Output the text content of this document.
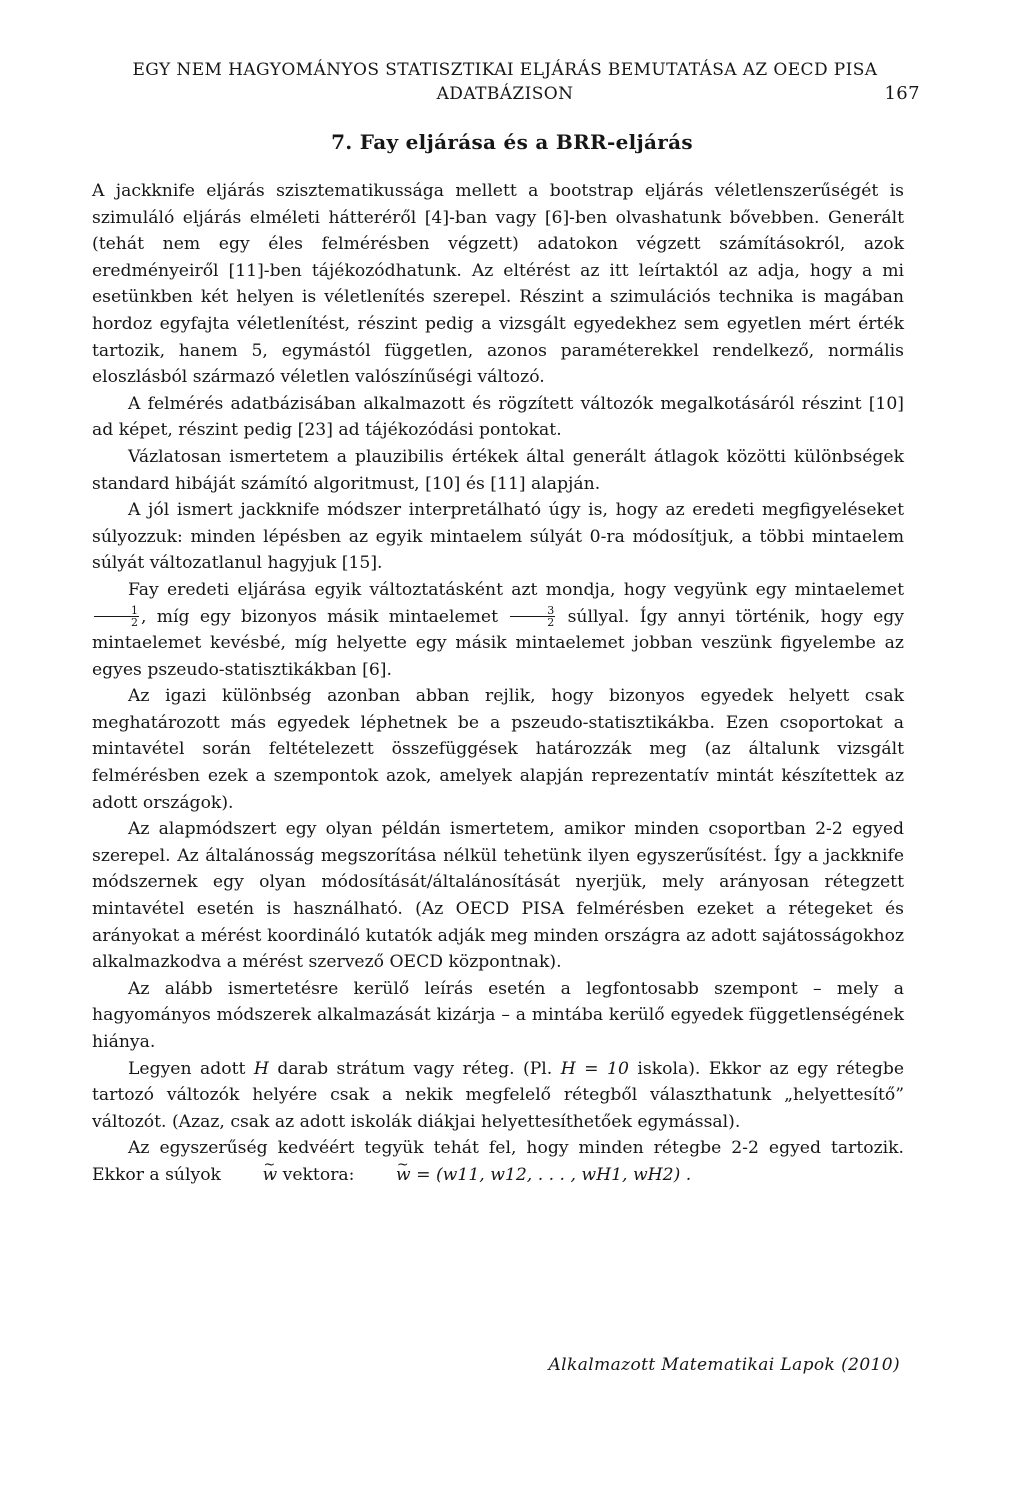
EGY NEM HAGYOMÁNYOS STATISZTIKAI ELJÁRÁS BEMUTATÁSA AZ OECD PISA
ADATBÁZISON	167
7. Fay eljárása és a BRR-eljárás

A jackknife eljárás szisztematikussága mellett a bootstrap eljárás véletlenszerűségét is szimuláló eljárás elméleti hátteréről [4]-ban vagy [6]-ben olvashatunk bővebben. Generált (tehát nem egy éles felmérésben végzett) adatokon végzett számításokról, azok eredményeiről [11]-ben tájékozódhatunk. Az eltérést az itt leírtaktól az adja, hogy a mi esetünkben két helyen is véletlenítés szerepel. Részint a szimulációs technika is magában hordoz egyfajta véletlenítést, részint pedig a vizsgált egyedekhez sem egyetlen mért érték tartozik, hanem 5, egymástól független, azonos paraméterekkel rendelkező, normális eloszlásból származó véletlen valószínűségi változó.

A felmérés adatbázisában alkalmazott és rögzített változók megalkotásáról részint [10] ad képet, részint pedig [23] ad tájékozódási pontokat.

Vázlatosan ismertetem a plauzibilis értékek által generált átlagok közötti különbségek standard hibáját számító algoritmust, [10] és [11] alapján.

A jól ismert jackknife módszer interpretálható úgy is, hogy az eredeti megfigyeléseket súlyozzuk: minden lépésben az egyik mintaelem súlyát 0-ra módosítjuk, a többi mintaelem súlyát változatlanul hagyjuk [15].

Fay eredeti eljárása egyik változtatásként azt mondja, hogy vegyünk egy mintaelemet
$\frac{1}{2}$ , míg egy bizonyos másik mintaelemet $\frac{3}{2}$ súllyal. Így annyi történik, hogy egy mintaelemet kevésbé, míg helyette egy másik mintaelemet jobban veszünk figyelembe az egyes pszeudo-statisztikákban [6].

Az igazi különbség azonban abban rejlik, hogy bizonyos egyedek helyett csak meghatározott más egyedek léphetnek be a pszeudo-statisztikákba. Ezen csoportokat a mintavétel során feltételezett összefüggések határozzák meg (az általunk vizsgált felmérésben ezek a szempontok azok, amelyek alapján reprezentatív mintát készítettek az adott országok).

Az alapmódszert egy olyan példán ismertetem, amikor minden csoportban 2-2 egyed szerepel. Az általánosság megszorítása nélkül tehetünk ilyen egyszerűsítést. Így a jackknife módszernek egy olyan módosítását/általánosítását nyerjük, mely arányosan rétegzett mintavétel esetén is használható. (Az OECD PISA felmérésben ezeket a rétegeket és arányokat a mérést koordináló kutatók adják meg minden országra az adott sajátosságokhoz alkalmazkodva a mérést szervező OECD központnak).

Az alább ismertetésre kerülő leírás esetén a legfontosabb szempont – mely a hagyományos módszerek alkalmazását kizárja – a mintába kerülő egyedek függetlenségének hiánya.

Legyen adott H darab strátum vagy réteg. (Pl. H = 10 iskola). Ekkor az egy rétegbe tartozó változók helyére csak a nekik megfelelő rétegből választhatunk „helyettesítő” változót. (Azaz, csak az adott iskolák diákjai helyettesíthetőek egymással).

Az egyszerűség kedvéért tegyük tehát fel, hogy minden rétegbe 2-2 egyed tartozik. Ekkor a súlyok ~ w vektora: ~ w = (w11, w12, . . . , wH1, wH2) .

Alkalmazott Matematikai Lapok (2010)
